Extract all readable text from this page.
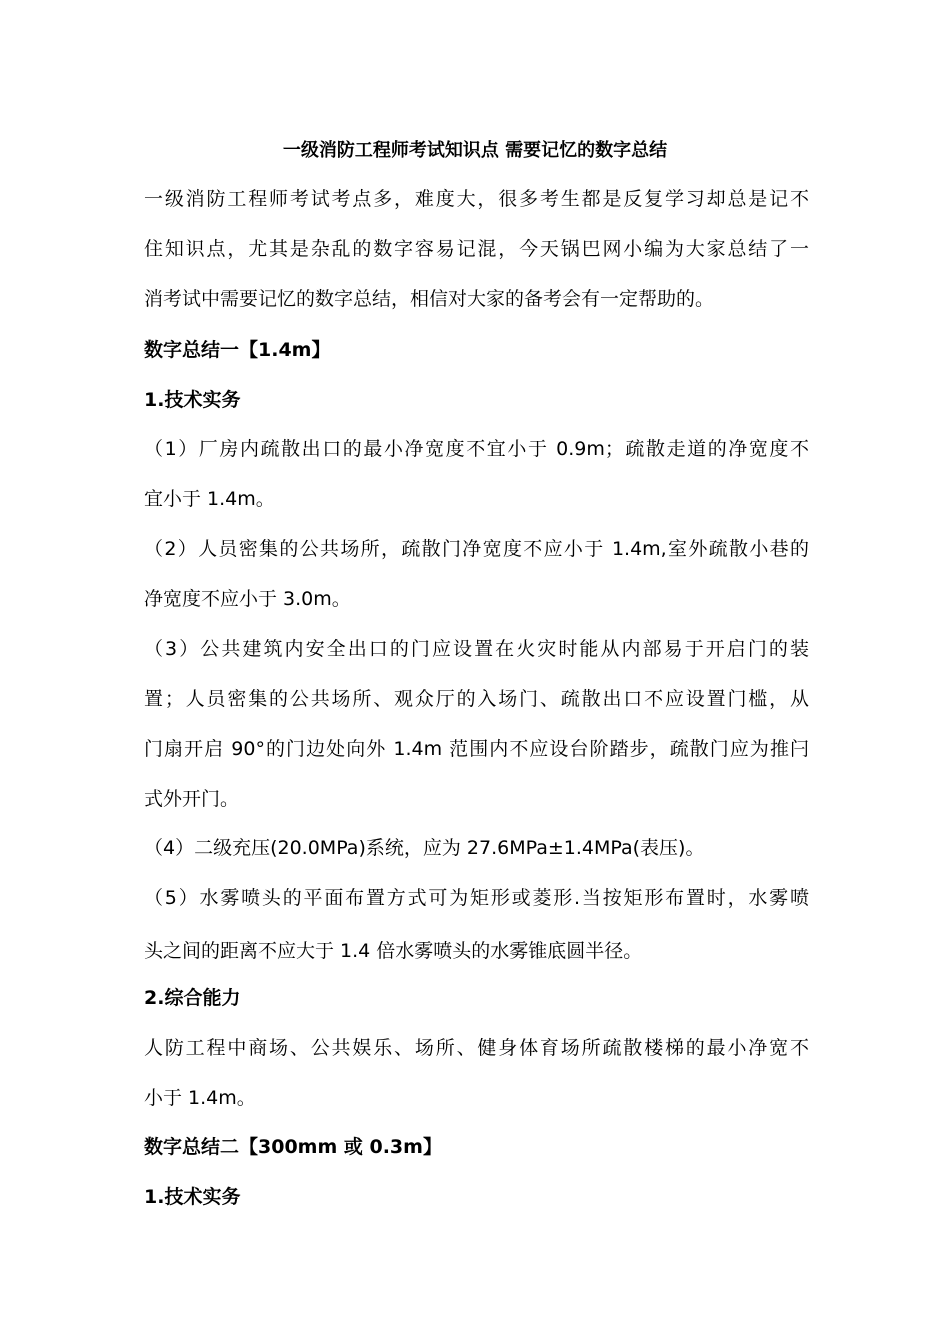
一级消防工程师考试知识点 需要记忆的数字总结
一级消防工程师考试考点多，难度大，很多考生都是反复学习却总是记不
住知识点，尤其是杂乱的数字容易记混，今天锅巴网小编为大家总结了一
消考试中需要记忆的数字总结，相信对大家的备考会有一定帮助的。
数字总结一【1.4m】
1.技术实务
（1）厂房内疏散出口的最小净宽度不宜小于 0.9m；疏散走道的净宽度不
宜小于 1.4m。
（2）人员密集的公共场所，疏散门净宽度不应小于 1.4m,室外疏散小巷的
净宽度不应小于 3.0m。
（3）公共建筑内安全出口的门应设置在火灾时能从内部易于开启门的装
置；人员密集的公共场所、观众厅的入场门、疏散出口不应设置门槛，从
门扇开启 90°的门边处向外 1.4m 范围内不应设台阶踏步，疏散门应为推闩
式外开门。
（4）二级充压(20.0MPa)系统，应为 27.6MPa±1.4MPa(表压)。
（5）水雾喷头的平面布置方式可为矩形或菱形.当按矩形布置时，水雾喷
头之间的距离不应大于 1.4 倍水雾喷头的水雾锥底圆半径。
2.综合能力
人防工程中商场、公共娱乐、场所、健身体育场所疏散楼梯的最小净宽不
小于 1.4m。
数字总结二【300mm 或 0.3m】
1.技术实务
